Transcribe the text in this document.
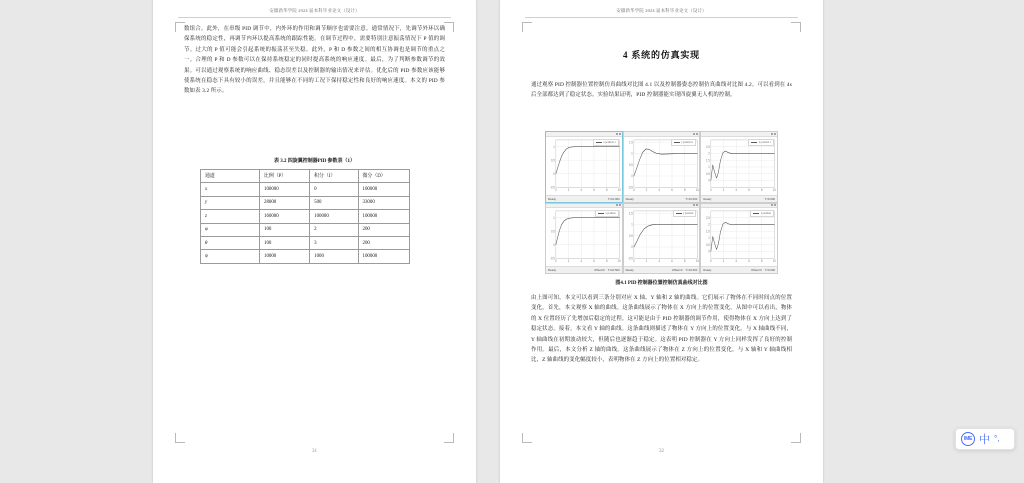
安徽新华学院 2024 届本科毕业论文（设计）

数组合。此外，在串级 PID 调节中，内外环的作用和调节顺序也需要注意。通常情况下，先调节外环以确保系统的稳定性，再调节内环以提高系统的跟踪性能。在调节过程中，需要特别注意振荡情况下 P 值的调节。过大的 P 值可能会引起系统的振荡甚至失稳。此外，P 和 D 参数之间的相互协调也是调节的重点之一。合理的 P 和 D 参数可以在保持系统稳定的同时提高系统的响应速度。最后，为了判断参数调节的效果。可以通过观察系统的响应曲线、稳态误差以及控制器的输出情况来评估。优化后的 PID 参数应该能够使系统在稳态下具有较小的误差，并且能够在不同的工况下保持稳定性和良好的响应速度。本文的 PID 参数如表 3.2 所示。

表 3.2 四旋翼控制器PID 参数表（1）
通道	比例（P）	积分（I）	微分（D）
x	100000	0	100000
y	28000	500	33000
z	160000	100000	100000
φ	100	2	200
θ	100	3	200
ψ	10000	1000	100000
31
安徽新华学院 2024 届本科毕业论文（设计）
4 系统的仿真实现

通过观察 PID 控制器位置控制仿真曲线对比图 4.1 以及控制器姿态控制仿真曲线对比图 4.2。可以看到在 4s 后全部都达到了稳定状态。实验结果证明，PID 控制器能实现四旋翼无人机的控制。

0 2 4 6 8 10
-0.5
0
0.5
1
x position 1
Ready	T=10.000
0 2 4 6 8 10
-0.5
0
0.5
1
1.5	y position 1
Ready	T=10.000
0 2 4 6 8 10
0
0.5
1
1.5
2
2.5
z position 1
Ready	T=9.000
0 2 4 6 8 10
-0.5
0
0.5
1
x position
Ready	Offset=0 T=10.500
0 2 4 6 8 10
-0.5
0
0.5
1
1.5	y position
Ready	Offset=0 T=10.500
0 2 4 6 8 10
0
0.5
1
1.5
2
2.5
z position
Ready	Offset=0 T=9.000
图4.1 PID 控制器位置控制仿真曲线对比图

由上图可知，本文可以看到三条分别对应 X 轴、Y 轴和 Z 轴的曲线。它们展示了物体在不同时间点的位置变化。首先，本文观察 X 轴的曲线。这条曲线展示了物体在 X 方向上的位置变化。从图中可以看出，物体的 X 位置经历了先增加后稳定的过程。这可能是由于 PID 控制器的调节作用，使得物体在 X 方向上达到了稳定状态。接着，本文看 Y 轴的曲线。这条曲线则描述了物体在 Y 方向上的位置变化。与 X 轴曲线不同，Y 轴曲线在初期波动较大，但随后也逐渐趋于稳定。这表明 PID 控制器在 Y 方向上同样发挥了良好的控制作用。最后，本文分析 Z 轴的曲线。这条曲线展示了物体在 Z 方向上的位置变化。与 X 轴和 Y 轴曲线相比，Z 轴曲线的变化幅度较小，表明物体在 Z 方向上的位置相对稳定。

32
IME 中 °,
